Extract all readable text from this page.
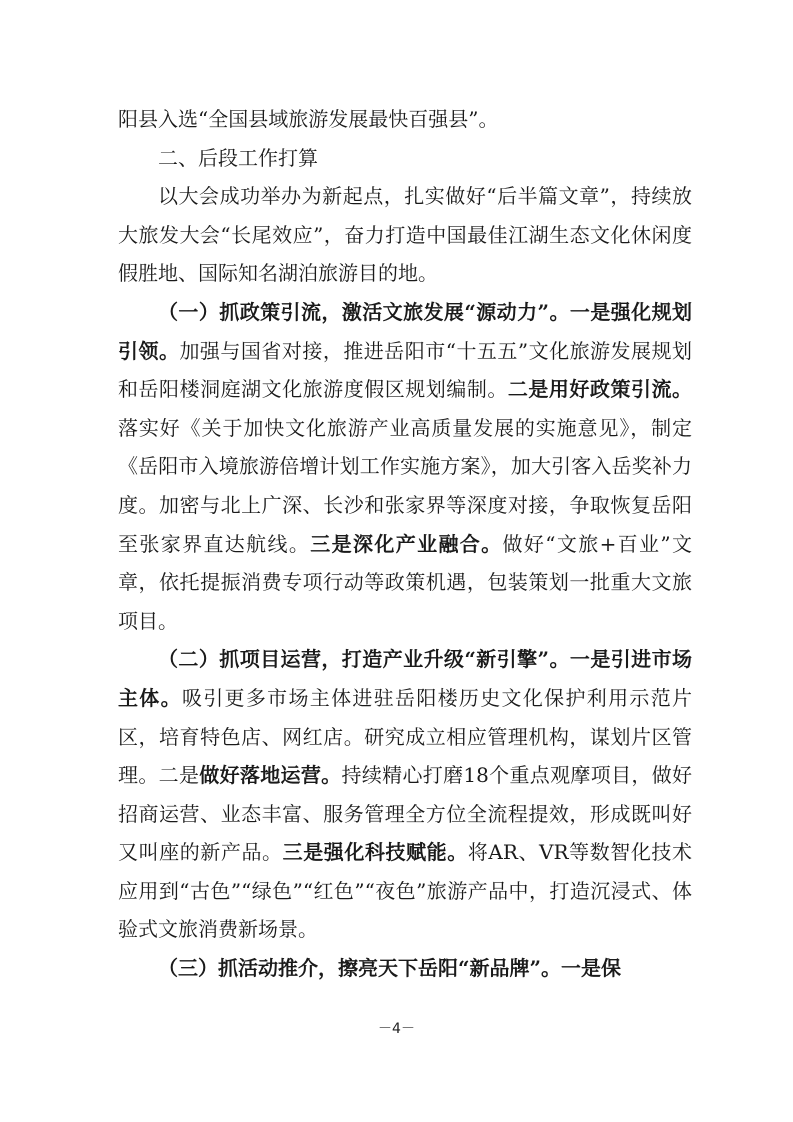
阳县入选“全国县域旅游发展最快百强县”。

二、后段工作打算

以大会成功举办为新起点，扎实做好“后半篇文章”，持续放大旅发大会“长尾效应”，奋力打造中国最佳江湖生态文化休闲度假胜地、国际知名湖泊旅游目的地。

（一）抓政策引流，激活文旅发展“源动力”。一是强化规划引领。加强与国省对接，推进岳阳市“十五五”文化旅游发展规划和岳阳楼洞庭湖文化旅游度假区规划编制。二是用好政策引流。落实好《关于加快文化旅游产业高质量发展的实施意见》，制定《岳阳市入境旅游倍增计划工作实施方案》，加大引客入岳奖补力度。加密与北上广深、长沙和张家界等深度对接，争取恢复岳阳至张家界直达航线。三是深化产业融合。做好“文旅+百业”文章，依托提振消费专项行动等政策机遇，包装策划一批重大文旅项目。

（二）抓项目运营，打造产业升级“新引擎”。一是引进市场主体。吸引更多市场主体进驻岳阳楼历史文化保护利用示范片区，培育特色店、网红店。研究成立相应管理机构，谋划片区管理。二是做好落地运营。持续精心打磨18个重点观摩项目，做好招商运营、业态丰富、服务管理全方位全流程提效，形成既叫好又叫座的新产品。三是强化科技赋能。将AR、VR等数智化技术应用到“古色”“绿色”“红色”“夜色”旅游产品中，打造沉浸式、体验式文旅消费新场景。

（三）抓活动推介，擦亮天下岳阳“新品牌”。一是保

－4－
